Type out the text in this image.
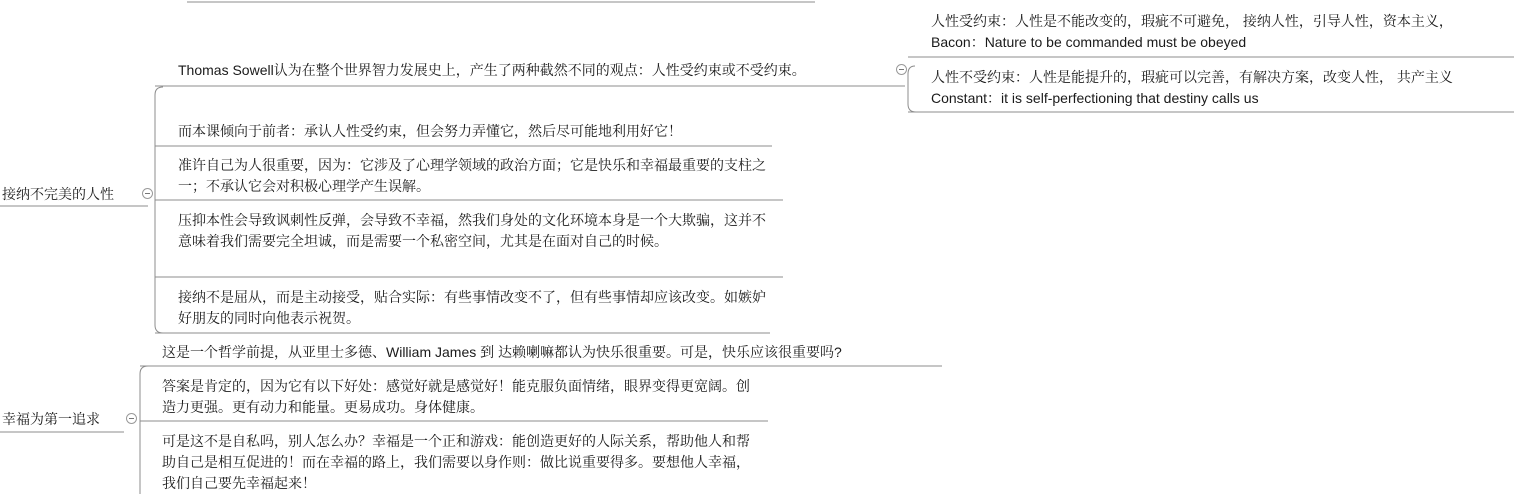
接纳不完美的人性
Thomas Sowell认为在整个世界智力发展史上，产生了两种截然不同的观点：人性受约束或不受约束。
人性受约束：人性是不能改变的，瑕疵不可避免， 接纳人性，引导人性，资本主义，
Bacon：Nature to be commanded must be obeyed
人性不受约束：人性是能提升的，瑕疵可以完善，有解决方案，改变人性， 共产主义
Constant：it is self-perfectioning that destiny calls us
而本课倾向于前者：承认人性受约束，但会努力弄懂它，然后尽可能地利用好它！
准许自己为人很重要，因为：它涉及了心理学领域的政治方面；它是快乐和幸福最重要的支柱之一；不承认它会对积极心理学产生误解。
压抑本性会导致讽刺性反弹，会导致不幸福，然我们身处的文化环境本身是一个大欺骗，这并不意味着我们需要完全坦诚，而是需要一个私密空间，尤其是在面对自己的时候。
接纳不是屈从，而是主动接受，贴合实际：有些事情改变不了，但有些事情却应该改变。如嫉妒好朋友的同时向他表示祝贺。
幸福为第一追求
这是一个哲学前提，从亚里士多德、William James 到 达赖喇嘛都认为快乐很重要。可是，快乐应该很重要吗?
答案是肯定的，因为它有以下好处：感觉好就是感觉好！能克服负面情绪，眼界变得更宽阔。创造力更强。更有动力和能量。更易成功。身体健康。
可是这不是自私吗，别人怎么办？幸福是一个正和游戏：能创造更好的人际关系，帮助他人和帮助自己是相互促进的！而在幸福的路上，我们需要以身作则：做比说重要得多。要想他人幸福，我们自己要先幸福起来！
